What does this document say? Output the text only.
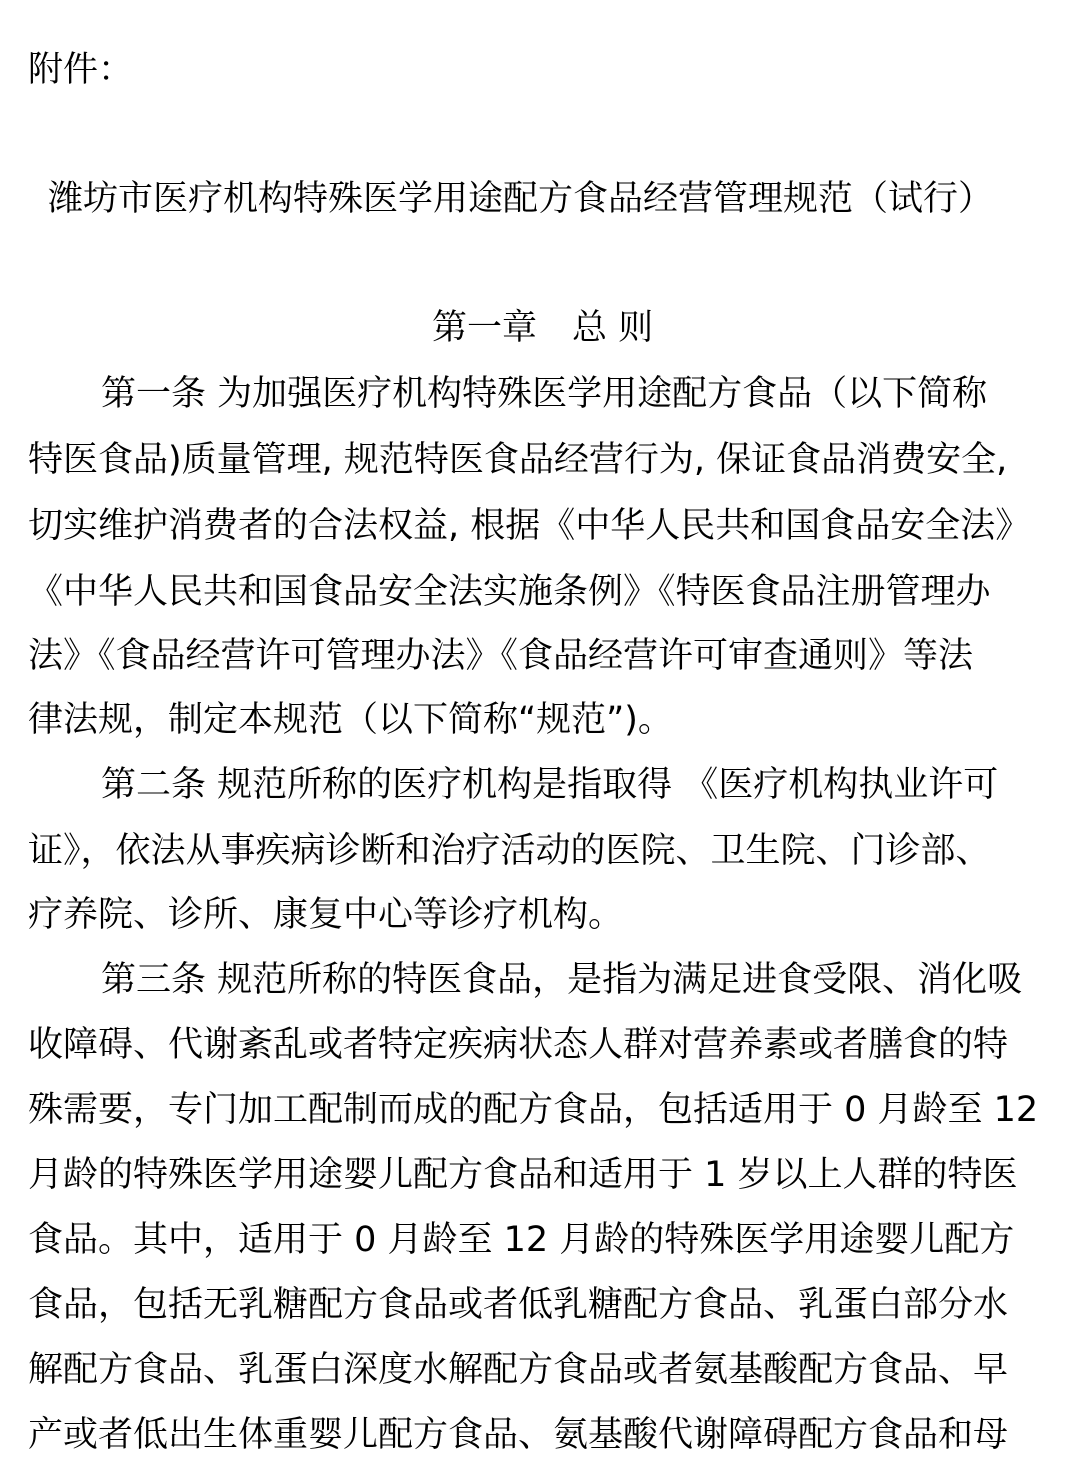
附件：
潍坊市医疗机构特殊医学用途配方食品经营管理规范（试行）
第一章　总 则
第一条 为加强医疗机构特殊医学用途配方食品（以下简称
特医食品)质量管理, 规范特医食品经营行为, 保证食品消费安全,
切实维护消费者的合法权益, 根据《中华人民共和国食品安全法》
《中华人民共和国食品安全法实施条例》《特医食品注册管理办
法》《食品经营许可管理办法》《食品经营许可审查通则》等法
律法规，制定本规范（以下简称“规范”)。
第二条 规范所称的医疗机构是指取得 《医疗机构执业许可
证》，依法从事疾病诊断和治疗活动的医院、卫生院、门诊部、
疗养院、诊所、康复中心等诊疗机构。
第三条 规范所称的特医食品，是指为满足进食受限、消化吸
收障碍、代谢紊乱或者特定疾病状态人群对营养素或者膳食的特
殊需要，专门加工配制而成的配方食品，包括适用于 0 月龄至 12
月龄的特殊医学用途婴儿配方食品和适用于 1 岁以上人群的特医
食品。其中，适用于 0 月龄至 12 月龄的特殊医学用途婴儿配方
食品，包括无乳糖配方食品或者低乳糖配方食品、乳蛋白部分水
解配方食品、乳蛋白深度水解配方食品或者氨基酸配方食品、早
产或者低出生体重婴儿配方食品、氨基酸代谢障碍配方食品和母
